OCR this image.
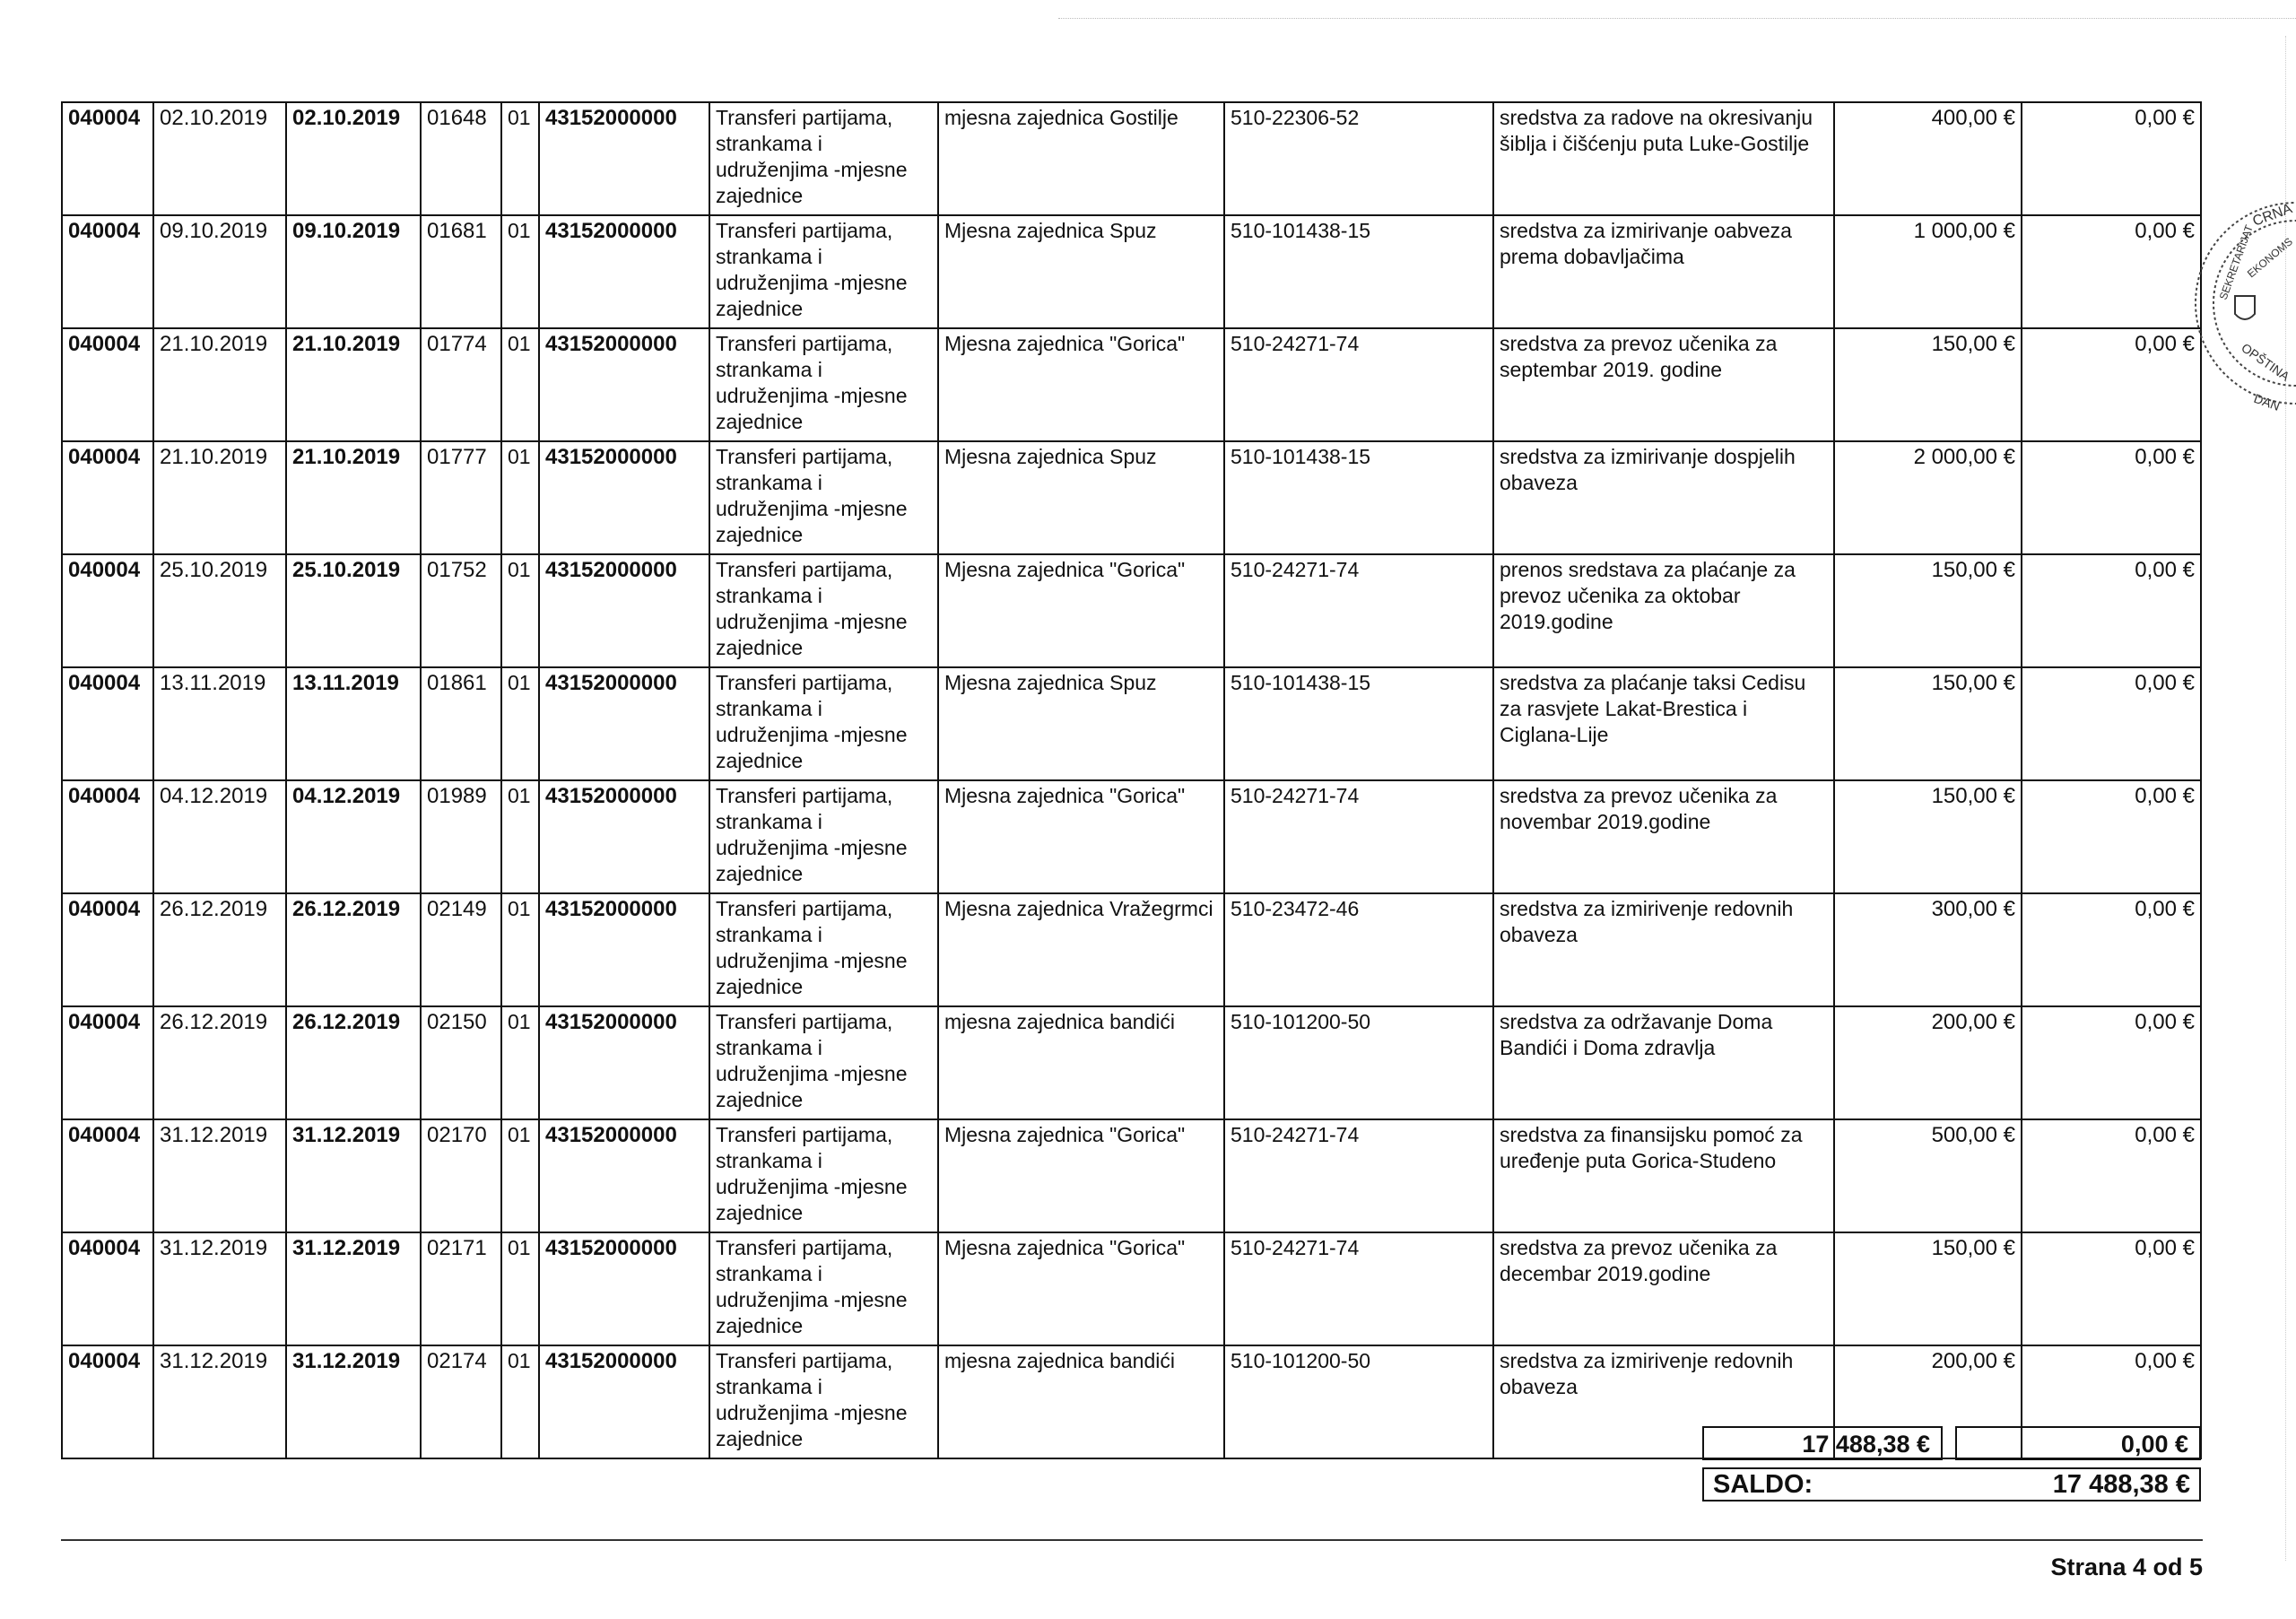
040004	02.10.2019	02.10.2019	01648	01	43152000000	Transferi partijama, strankama i udruženjima -mjesne zajednice	mjesna zajednica Gostilje	510-22306-52	sredstva za radove na okresivanju šiblja i čišćenju puta Luke-Gostilje	400,00 €	0,00 €
040004	09.10.2019	09.10.2019	01681	01	43152000000	Transferi partijama, strankama i udruženjima -mjesne zajednice	Mjesna zajednica Spuz	510-101438-15	sredstva za izmirivanje oabveza prema dobavljačima	1 000,00 €	0,00 €
040004	21.10.2019	21.10.2019	01774	01	43152000000	Transferi partijama, strankama i udruženjima -mjesne zajednice	Mjesna zajednica "Gorica"	510-24271-74	sredstva za prevoz učenika za septembar 2019. godine	150,00 €	0,00 €
040004	21.10.2019	21.10.2019	01777	01	43152000000	Transferi partijama, strankama i udruženjima -mjesne zajednice	Mjesna zajednica Spuz	510-101438-15	sredstva za izmirivanje dospjelih obaveza	2 000,00 €	0,00 €
040004	25.10.2019	25.10.2019	01752	01	43152000000	Transferi partijama, strankama i udruženjima -mjesne zajednice	Mjesna zajednica "Gorica"	510-24271-74	prenos sredstava za plaćanje za prevoz učenika za oktobar 2019.godine	150,00 €	0,00 €
040004	13.11.2019	13.11.2019	01861	01	43152000000	Transferi partijama, strankama i udruženjima -mjesne zajednice	Mjesna zajednica Spuz	510-101438-15	sredstva za plaćanje taksi Cedisu za rasvjete Lakat-Brestica i Ciglana-Lije	150,00 €	0,00 €
040004	04.12.2019	04.12.2019	01989	01	43152000000	Transferi partijama, strankama i udruženjima -mjesne zajednice	Mjesna zajednica "Gorica"	510-24271-74	sredstva za prevoz učenika za novembar 2019.godine	150,00 €	0,00 €
040004	26.12.2019	26.12.2019	02149	01	43152000000	Transferi partijama, strankama i udruženjima -mjesne zajednice	Mjesna zajednica Vražegrmci	510-23472-46	sredstva za izmirivenje redovnih obaveza	300,00 €	0,00 €
040004	26.12.2019	26.12.2019	02150	01	43152000000	Transferi partijama, strankama i udruženjima -mjesne zajednice	mjesna zajednica bandići	510-101200-50	sredstva za održavanje Doma Bandići i Doma zdravlja	200,00 €	0,00 €
040004	31.12.2019	31.12.2019	02170	01	43152000000	Transferi partijama, strankama i udruženjima -mjesne zajednice	Mjesna zajednica "Gorica"	510-24271-74	sredstva za finansijsku pomoć za uređenje puta Gorica-Studeno	500,00 €	0,00 €
040004	31.12.2019	31.12.2019	02171	01	43152000000	Transferi partijama, strankama i udruženjima -mjesne zajednice	Mjesna zajednica "Gorica"	510-24271-74	sredstva za prevoz učenika za decembar 2019.godine	150,00 €	0,00 €
040004	31.12.2019	31.12.2019	02174	01	43152000000	Transferi partijama, strankama i udruženjima -mjesne zajednice	mjesna zajednica bandići	510-101200-50	sredstva za izmirivenje redovnih obaveza	200,00 €	0,00 €
17 488,38 €	0,00 €
SALDO:	17 488,38 €
Strana 4 od 5
CRNA
SEKRETARIJAT
EKONOMS
OPŠTINA
DAN
